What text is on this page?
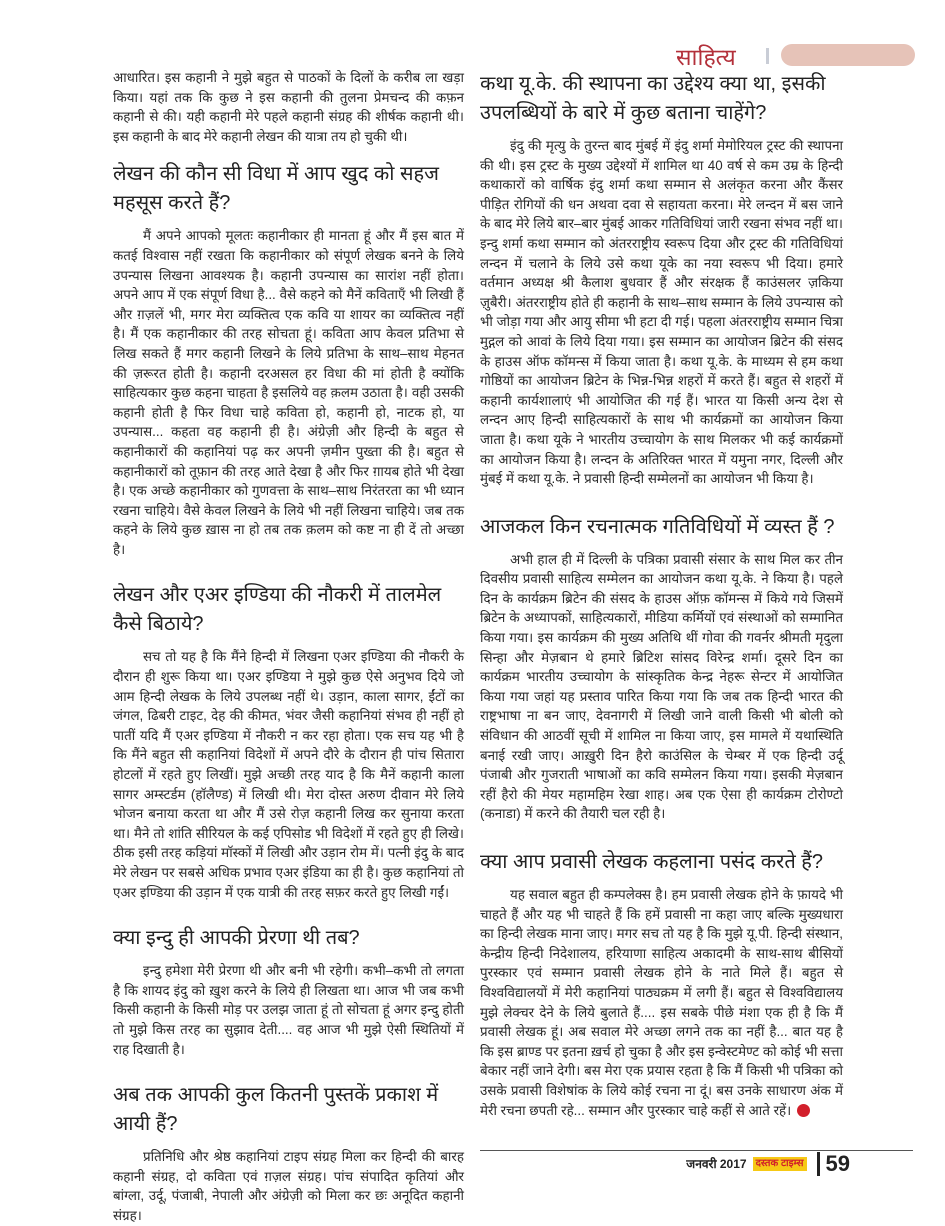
साहित्य

आधारित। इस कहानी ने मुझे बहुत से पाठकों के दिलों के करीब ला खड़ा किया। यहां तक कि कुछ ने इस कहानी की तुलना प्रेमचन्द की कफ़न कहानी से की। यही कहानी मेरे पहले कहानी संग्रह की शीर्षक कहानी थी। इस कहानी के बाद मेरे कहानी लेखन की यात्रा तय हो चुकी थी।

लेखन की कौन सी विधा में आप खुद को सहज महसूस करते हैं?

मैं अपने आपको मूलतः कहानीकार ही मानता हूं और मैं इस बात में कतई विश्वास नहीं रखता कि कहानीकार को संपूर्ण लेखक बनने के लिये उपन्यास लिखना आवश्यक है। कहानी उपन्यास का सारांश नहीं होता। अपने आप में एक संपूर्ण विधा है... वैसे कहने को मैनें कविताएँ भी लिखी हैं और ग़ज़लें भी, मगर मेरा व्यक्तित्व एक कवि या शायर का व्यक्तित्व नहीं है। मैं एक कहानीकार की तरह सोचता हूं। कविता आप केवल प्रतिभा से लिख सकते हैं मगर कहानी लिखने के लिये प्रतिभा के साथ–साथ मेहनत की ज़रूरत होती है। कहानी दरअसल हर विधा की मां होती है क्योंकि साहित्यकार कुछ कहना चाहता है इसलिये वह क़लम उठाता है। वही उसकी कहानी होती है फिर विधा चाहे कविता हो, कहानी हो, नाटक हो, या उपन्यास... कहता वह कहानी ही है। अंग्रेज़ी और हिन्दी के बहुत से कहानीकारों की कहानियां पढ़ कर अपनी ज़मीन पुख्ता की है। बहुत से कहानीकारों को तूफ़ान की तरह आते देखा है और फिर ग़ायब होते भी देखा है। एक अच्छे कहानीकार को गुणवत्ता के साथ–साथ निरंतरता का भी ध्यान रखना चाहिये। वैसे केवल लिखने के लिये भी नहीं लिखना चाहिये। जब तक कहने के लिये कुछ ख़ास ना हो तब तक क़लम को कष्ट ना ही दें तो अच्छा है।

लेखन और एअर इण्डिया की नौकरी में तालमेल कैसे बिठाये?

सच तो यह है कि मैंने हिन्दी में लिखना एअर इण्डिया की नौकरी के दौरान ही शुरू किया था। एअर इण्डिया ने मुझे कुछ ऐसे अनुभव दिये जो आम हिन्दी लेखक के लिये उपलब्ध नहीं थे। उड़ान, काला सागर, ईंटों का जंगल, ढिबरी टाइट, देह की कीमत, भंवर जैसी कहानियां संभव ही नहीं हो पातीं यदि मैं एअर इण्डिया में नौकरी न कर रहा होता। एक सच यह भी है कि मैंने बहुत सी कहानियां विदेशों में अपने दौरे के दौरान ही पांच सितारा होटलों में रहते हुए लिखीं। मुझे अच्छी तरह याद है कि मैनें कहानी काला सागर अम्स्टर्डम (हॉलैण्ड) में लिखी थी। मेरा दोस्त अरुण दीवान मेरे लिये भोजन बनाया करता था और मैं उसे रोज़ कहानी लिख कर सुनाया करता था। मैने तो शांति सीरियल के कई एपिसोड भी विदेशों में रहते हुए ही लिखे। ठीक इसी तरह कड़ियां मॉस्कों में लिखी और उड़ान रोम में। पत्नी इंदु के बाद मेरे लेखन पर सबसे अधिक प्रभाव एअर इंडिया का ही है। कुछ कहानियां तो एअर इण्डिया की उड़ान में एक यात्री की तरह सफ़र करते हुए लिखी गईं।

क्या इन्दु ही आपकी प्रेरणा थी तब?

इन्दु हमेशा मेरी प्रेरणा थी और बनी भी रहेगी। कभी–कभी तो लगता है कि शायद इंदु को ख़ुश करने के लिये ही लिखता था। आज भी जब कभी किसी कहानी के किसी मोड़ पर उलझ जाता हूं तो सोचता हूं अगर इन्दु होती तो मुझे किस तरह का सुझाव देती.... वह आज भी मुझे ऐसी स्थितियों में राह दिखाती है।

अब तक आपकी कुल कितनी पुस्तकें प्रकाश में आयी हैं?

प्रतिनिधि और श्रेष्ठ कहानियां टाइप संग्रह मिला कर हिन्दी की बारह कहानी संग्रह, दो कविता एवं ग़ज़ल संग्रह। पांच संपादित कृतियां और बांग्ला, उर्दू, पंजाबी, नेपाली और अंग्रेज़ी को मिला कर छः अनूदित कहानी संग्रह।

कथा यू.के. की स्थापना का उद्देश्य क्या था, इसकी उपलब्धियों के बारे में कुछ बताना चाहेंगे?

इंदु की मृत्यु के तुरन्त बाद मुंबई में इंदु शर्मा मेमोरियल ट्रस्ट की स्थापना की थी। इस ट्रस्ट के मुख्य उद्देश्यों में शामिल था 40 वर्ष से कम उम्र के हिन्दी कथाकारों को वार्षिक इंदु शर्मा कथा सम्मान से अलंकृत करना और कैंसर पीड़ित रोगियों की धन अथवा दवा से सहायता करना। मेरे लन्दन में बस जाने के बाद मेरे लिये बार–बार मुंबई आकर गतिविधियां जारी रखना संभव नहीं था। इन्दु शर्मा कथा सम्मान को अंतरराष्ट्रीय स्वरूप दिया और ट्रस्ट की गतिविधियां लन्दन में चलाने के लिये उसे कथा यूके का नया स्वरूप भी दिया। हमारे वर्तमान अध्यक्ष श्री कैलाश बुधवार हैं और संरक्षक हैं काउंसलर ज़किया ज़ुबैरी। अंतरराष्ट्रीय होते ही कहानी के साथ–साथ सम्मान के लिये उपन्यास को भी जोड़ा गया और आयु सीमा भी हटा दी गई। पहला अंतरराष्ट्रीय सम्मान चित्रा मुद्गल को आवां के लिये दिया गया। इस सम्मान का आयोजन ब्रिटेन की संसद के हाउस ऑफ कॉमन्स में किया जाता है। कथा यू.के. के माध्यम से हम कथा गोष्ठियों का आयोजन ब्रिटेन के भिन्न-भिन्न शहरों में करते हैं। बहुत से शहरों में कहानी कार्यशालाएं भी आयोजित की गई हैं। भारत या किसी अन्य देश से लन्दन आए हिन्दी साहित्यकारों के साथ भी कार्यक्रमों का आयोजन किया जाता है। कथा यूके ने भारतीय उच्चायोग के साथ मिलकर भी कई कार्यक्रमों का आयोजन किया है। लन्दन के अतिरिक्त भारत में यमुना नगर, दिल्ली और मुंबई में कथा यू.के. ने प्रवासी हिन्दी सम्मेलनों का आयोजन भी किया है।

आजकल किन रचनात्मक गतिविधियों में व्यस्त हैं ?

अभी हाल ही में दिल्ली के पत्रिका प्रवासी संसार के साथ मिल कर तीन दिवसीय प्रवासी साहित्य सम्मेलन का आयोजन कथा यू.के. ने किया है। पहले दिन के कार्यक्रम ब्रिटेन की संसद के हाउस ऑफ़ कॉमन्स में किये गये जिसमें ब्रिटेन के अध्यापकों, साहित्यकारों, मीडिया कर्मियों एवं संस्थाओं को सम्मानित किया गया। इस कार्यक्रम की मुख्य अतिथि थीं गोवा की गवर्नर श्रीमती मृदुला सिन्हा और मेज़बान थे हमारे ब्रिटिश सांसद विरेन्द्र शर्मा। दूसरे दिन का कार्यक्रम भारतीय उच्चायोग के सांस्कृतिक केन्द्र नेहरू सेन्टर में आयोजित किया गया जहां यह प्रस्ताव पारित किया गया कि जब तक हिन्दी भारत की राष्ट्रभाषा ना बन जाए, देवनागरी में लिखी जाने वाली किसी भी बोली को संविधान की आठवीं सूची में शामिल ना किया जाए, इस मामले में यथास्थिति बनाई रखी जाए। आख़ुरी दिन हैरो काउंसिल के चेम्बर में एक हिन्दी उर्दू पंजाबी और गुजराती भाषाओं का कवि सम्मेलन किया गया। इसकी मेज़बान रहीं हैरो की मेयर महामहिम रेखा शाह। अब एक ऐसा ही कार्यक्रम टोरोण्टो (कनाडा) में करने की तैयारी चल रही है।

क्या आप प्रवासी लेखक कहलाना पसंद करते हैं?

यह सवाल बहुत ही कम्पलेक्स है। हम प्रवासी लेखक होने के फ़ायदे भी चाहते हैं और यह भी चाहते हैं कि हमें प्रवासी ना कहा जाए बल्कि मुख्यधारा का हिन्दी लेखक माना जाए। मगर सच तो यह है कि मुझे यू.पी. हिन्दी संस्थान, केन्द्रीय हिन्दी निदेशालय, हरियाणा साहित्य अकादमी के साथ-साथ बीसियों पुरस्कार एवं सम्मान प्रवासी लेखक होने के नाते मिले हैं। बहुत से विश्वविद्यालयों में मेरी कहानियां पाठ्यक्रम में लगी हैं। बहुत से विश्वविद्यालय मुझे लेक्चर देने के लिये बुलाते हैं.... इस सबके पीछे मंशा एक ही है कि मैं प्रवासी लेखक हूं। अब सवाल मेरे अच्छा लगने तक का नहीं है... बात यह है कि इस ब्राण्ड पर इतना ख़र्च हो चुका है और इस इन्वेस्टमेण्ट को कोई भी सत्ता बेकार नहीं जाने देगी। बस मेरा एक प्रयास रहता है कि मैं किसी भी पत्रिका को उसके प्रवासी विशेषांक के लिये कोई रचना ना दूं। बस उनके साधारण अंक में मेरी रचना छपती रहे... सम्मान और पुरस्कार चाहे कहीं से आते रहें।

जनवरी 2017 दस्तक टाइम्स 59
